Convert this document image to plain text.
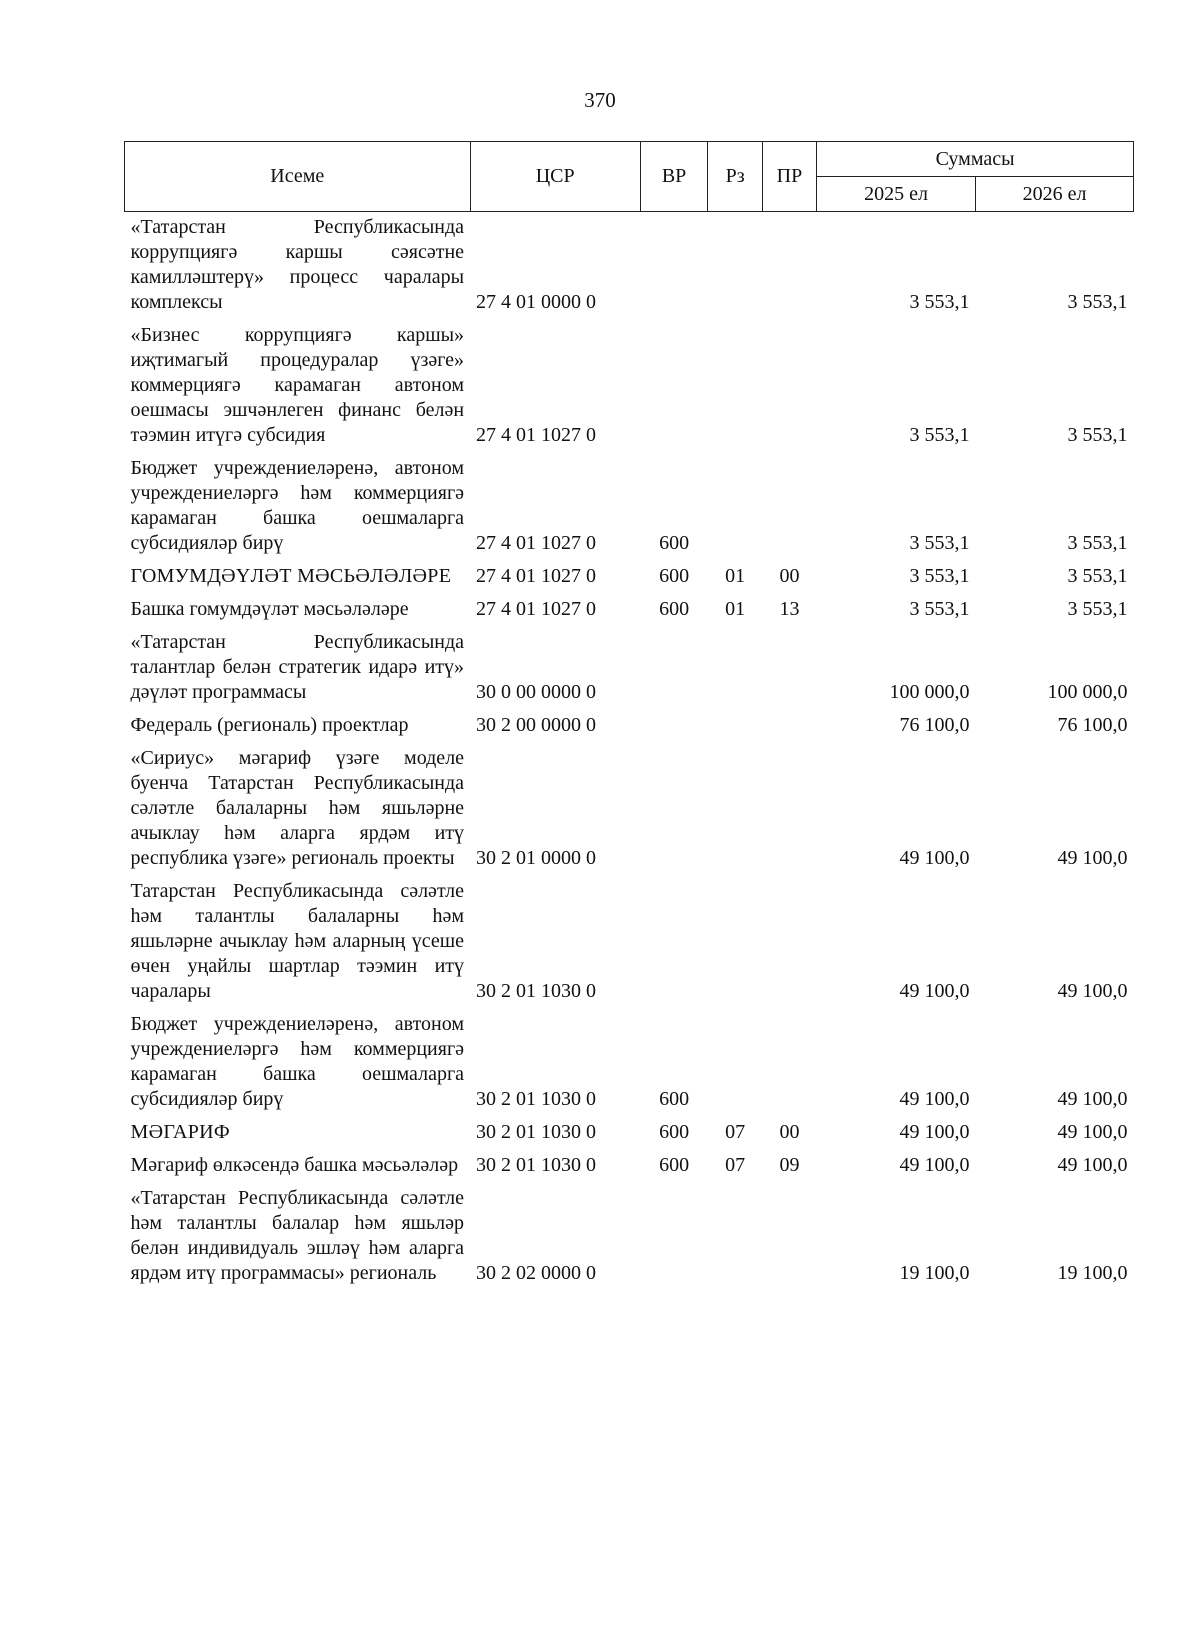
370
Исеме	ЦСР	ВР	Рз	ПР	Суммасы	
					2025 ел	2026 ел
«Татарстан Республикасында коррупциягә каршы сәясәтне камилләштерү» процесс чаралары комплексы	27 4 01 0000 0				3 553,1	3 553,1
«Бизнес коррупциягә каршы» иҗтимагый процедуралар үзәге» коммерциягә карамаган автоном оешмасы эшчәнлеген финанс белән тәэмин итүгә субсидия	27 4 01 1027 0				3 553,1	3 553,1
Бюджет учреждениеләренә, автоном учреждениеләргә һәм коммерциягә карамаган башка оешмаларга субсидияләр бирү	27 4 01 1027 0	600			3 553,1	3 553,1
ГОМУМДӘҮЛӘТ МӘСЬӘЛӘЛӘРЕ	27 4 01 1027 0	600	01	00	3 553,1	3 553,1
Башка гомумдәүләт мәсьәләләре	27 4 01 1027 0	600	01	13	3 553,1	3 553,1
«Татарстан Республикасында талантлар белән стратегик идарә итү» дәүләт программасы	30 0 00 0000 0				100 000,0	100 000,0
Федераль (региональ) проектлар	30 2 00 0000 0				76 100,0	76 100,0
«Сириус» мәгариф үзәге моделе буенча Татарстан Республикасында сәләтле балаларны һәм яшьләрне ачыклау һәм аларга ярдәм итү республика үзәге» региональ проекты	30 2 01 0000 0				49 100,0	49 100,0
Татарстан Республикасында сәләтле һәм талантлы балаларны һәм яшьләрне ачыклау һәм аларның үсеше өчен уңайлы шартлар тәэмин итү чаралары	30 2 01 1030 0				49 100,0	49 100,0
Бюджет учреждениеләренә, автоном учреждениеләргә һәм коммерциягә карамаган башка оешмаларга субсидияләр бирү	30 2 01 1030 0	600			49 100,0	49 100,0
МӘГАРИФ	30 2 01 1030 0	600	07	00	49 100,0	49 100,0
Мәгариф өлкәсендә башка мәсьәләләр	30 2 01 1030 0	600	07	09	49 100,0	49 100,0
«Татарстан Республикасында сәләтле һәм талантлы балалар һәм яшьләр белән индивидуаль эшләү һәм аларга ярдәм итү программасы» региональ	30 2 02 0000 0				19 100,0	19 100,0
